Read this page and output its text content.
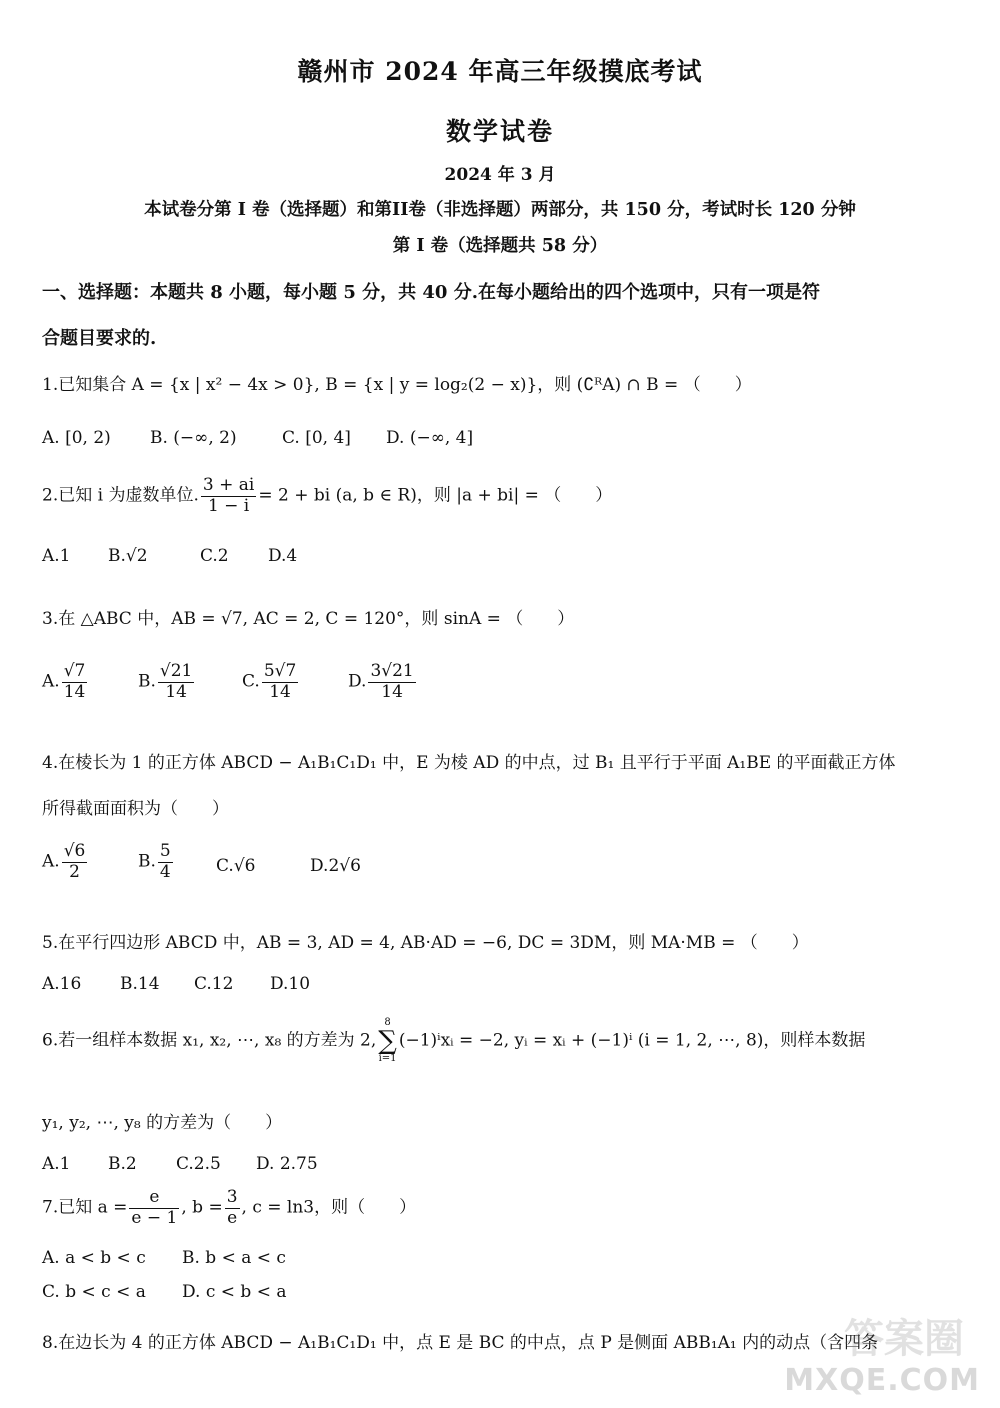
赣州市 2024 年高三年级摸底考试
数学试卷
2024 年 3 月
本试卷分第 I 卷（选择题）和第II卷（非选择题）两部分，共 150 分，考试时长 120 分钟
第 I 卷（选择题共 58 分）
一、选择题：本题共 8 小题，每小题 5 分，共 40 分.在每小题给出的四个选项中，只有一项是符
合题目要求的.
1.已知集合 A = {x | x² − 4x > 0}, B = {x | y = log₂(2 − x)}，则 (∁ᴿA) ∩ B = （　　）
A. [0, 2) B. (−∞, 2)	C. [0, 4] D. (−∞, 4]
2.已知 i 为虚数单位. $\frac{3 + ai}{1 - i} = 2$ + bi (a, b ∈ R)，则 |a + bi| = （　　）
A.1 B.√2	C.2 D.4
3.在 △ABC 中，AB = √7, AC = 2, C = 120°，则 sinA = （　　）
A. $\frac{√7}{14}$	B. $\frac{√21}{14}$	C. $\frac{5√7}{14}$	D. $\frac{3√21}{14}$
4.在棱长为 1 的正方体 ABCD − A₁B₁C₁D₁ 中，E 为棱 AD 的中点，过 B₁ 且平行于平面 A₁BE 的平面截正方体
所得截面面积为（　　）
A. $\frac{√6}{2}$	B. $\frac{5}{4}$	C.√6	D.2√6
5.在平行四边形 ABCD 中，AB = 3, AD = 4, AB·AD = −6, DC = 3DM，则 MA·MB = （　　）
A.16 B.14 C.12 D.10
6.若一组样本数据 x₁, x₂, ⋯, x₈ 的方差为 2,
8
∑
i=1
(−1)ⁱxᵢ = −2, yᵢ = xᵢ + (−1)ⁱ (i = 1, 2, ⋯, 8)，则样本数据
y₁, y₂, ⋯, y₈ 的方差为（　　）
A.1 B.2 C.2.5 D. 2.75
7.已知 $a = \frac{e}{e - 1}$ , $b = \frac{3}{e}$ , c = ln3，则（　　）
A. a < b < c B. b < a < c
C. b < c < a D. c < b < a
8.在边长为 4 的正方体 ABCD − A₁B₁C₁D₁ 中，点 E 是 BC 的中点，点 P 是侧面 ABB₁A₁ 内的动点（含四条
答案圈
MXQE.COM
